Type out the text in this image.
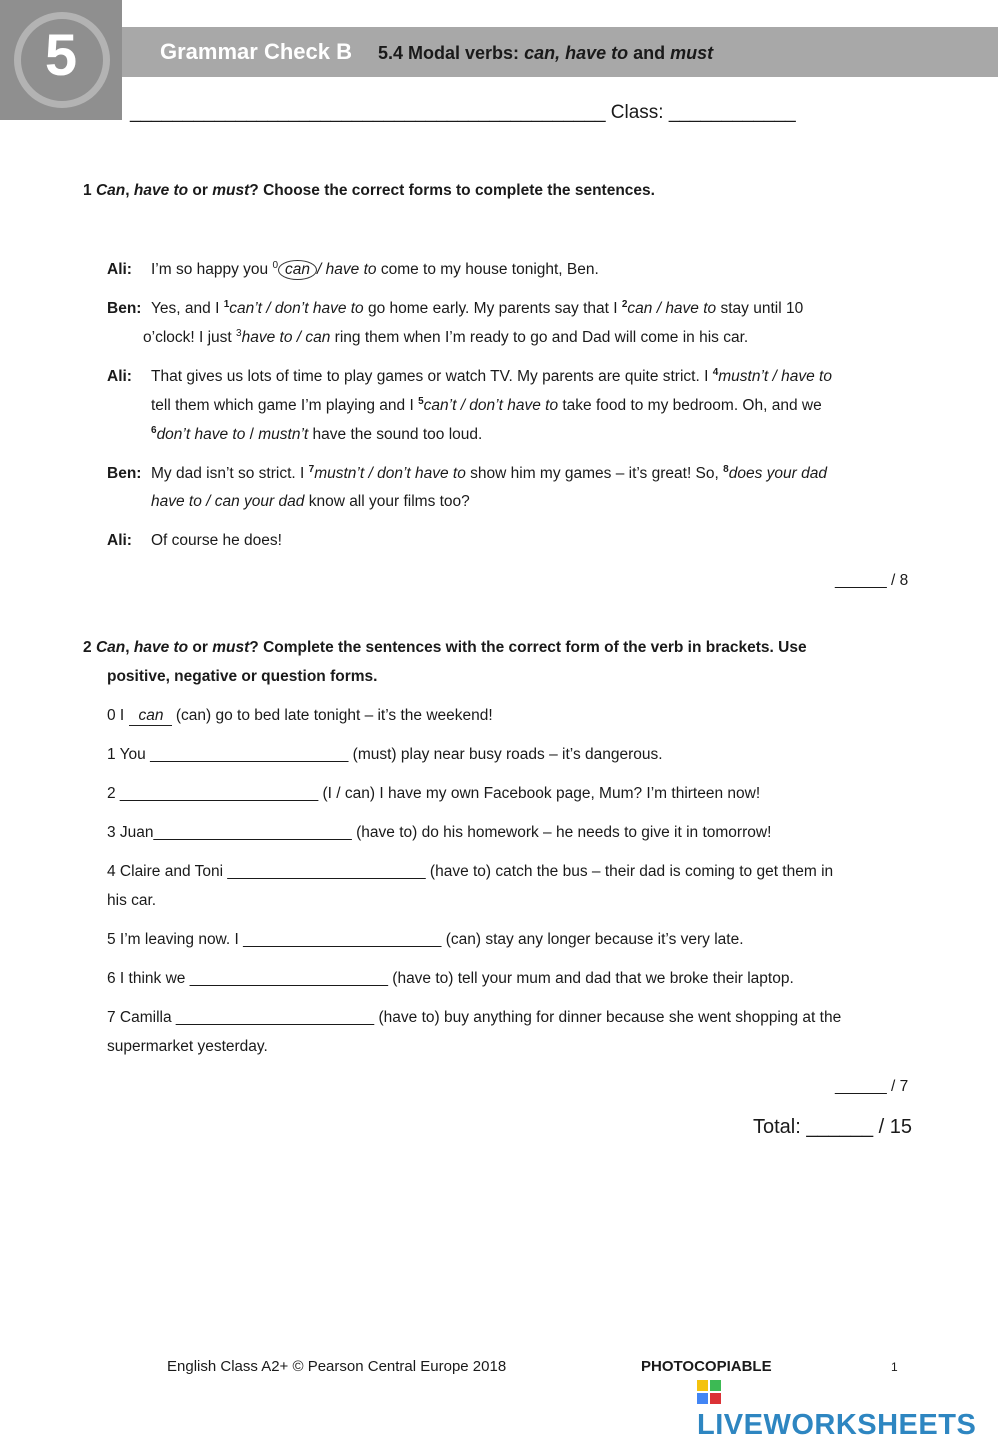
5	Grammar Check B 5.4 Modal verbs: can, have to and must
_____________________________________________ Class: ____________
1 Can, have to or must? Choose the correct forms to complete the sentences.
Ali: I’m so happy you $^0$ can / have to come to my house tonight, Ben.
Ben: Yes, and I $^1$can’t / don’t have to go home early. My parents say that I $^2$can / have to stay until 10
o’clock! I just $^3$have to / can ring them when I’m ready to go and Dad will come in his car.
Ali: That gives us lots of time to play games or watch TV. My parents are quite strict. I $^4$mustn’t / have to
tell them which game I’m playing and I $^5$can’t / don’t have to take food to my bedroom. Oh, and we
$^6$don’t have to / mustn’t have the sound too loud.
Ben: My dad isn’t so strict. I $^7$mustn’t / don’t have to show him my games – it’s great! So, $^8$does your dad
have to / can your dad know all your films too?
Ali: Of course he does!
______ / 8
2 Can, have to or must? Complete the sentences with the correct form of the verb in brackets. Use
positive, negative or question forms.
0 I can (can) go to bed late tonight – it’s the weekend!
1 You _______________________ (must) play near busy roads – it’s dangerous.
2 _______________________ (I / can) I have my own Facebook page, Mum? I’m thirteen now!
3 Juan_______________________ (have to) do his homework – he needs to give it in tomorrow!
4 Claire and Toni _______________________ (have to) catch the bus – their dad is coming to get them in
his car.
5 I’m leaving now. I _______________________ (can) stay any longer because it’s very late.
6 I think we _______________________ (have to) tell your mum and dad that we broke their laptop.
7 Camilla _______________________ (have to) buy anything for dinner because she went shopping at the
supermarket yesterday.
______ / 7
Total: ______ / 15
English Class A2+ © Pearson Central Europe 2018	PHOTOCOPIABLE	1
LIVEWORKSHEETS
